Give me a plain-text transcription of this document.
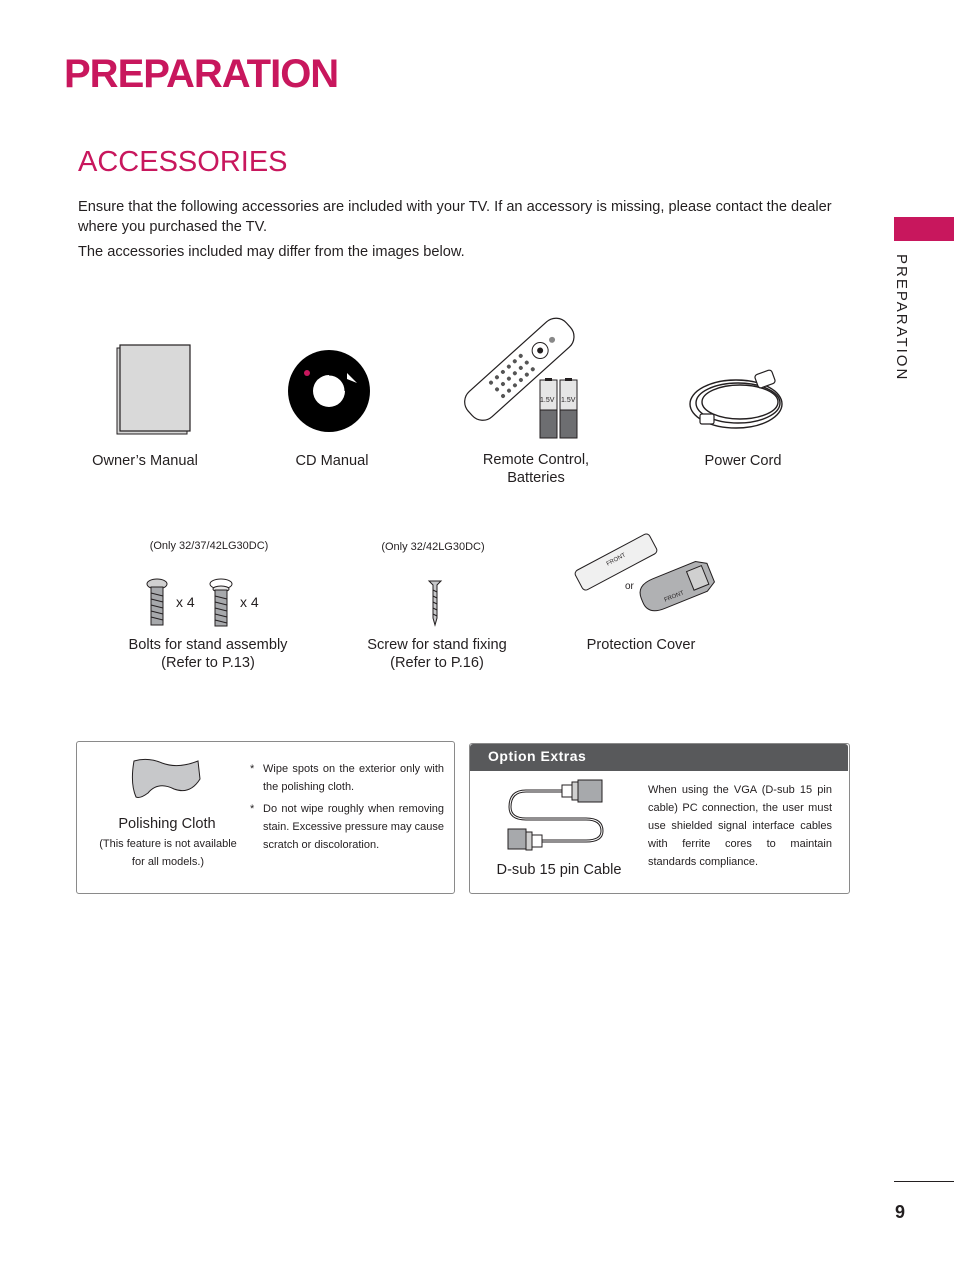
PREPARATION
ACCESSORIES
Ensure that the following accessories are included with your TV. If an accessory is missing, please contact the dealer where you purchased the TV.
The accessories included may differ from the images below.
PREPARATION
1.5V 1.5V
Owner’s Manual	CD Manual	Remote Control,
Batteries
Power Cord
(Only 32/37/42LG30DC)
x 4	x 4
Bolts for stand assembly
(Refer to P.13)
(Only 32/42LG30DC)
Screw for stand fixing
(Refer to P.16)
FRONT
or
FRONT
Protection Cover
Polishing Cloth
(This feature is not available
for all models.)
* Wipe spots on the exterior only with the polishing cloth.
* Do not wipe roughly when removing stain. Excessive pressure may cause scratch or discoloration.
Option Extras
D-sub 15 pin Cable
When using the VGA (D-sub 15 pin cable) PC connection, the user must use shielded signal interface cables with ferrite cores to maintain standards compliance.
9
